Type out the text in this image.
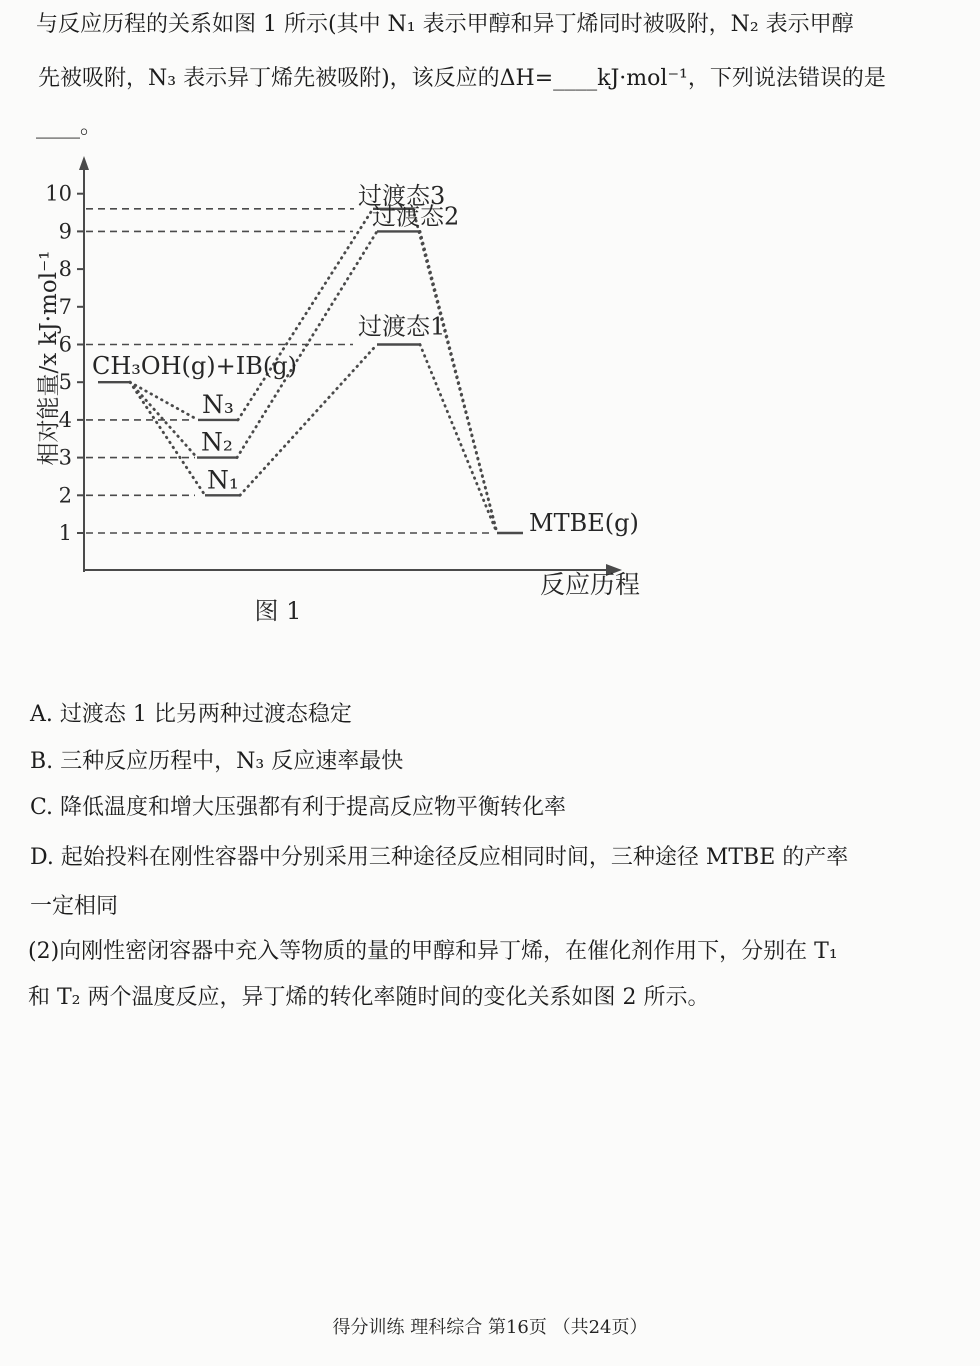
与反应历程的关系如图 1 所示(其中 N₁ 表示甲醇和异丁烯同时被吸附，N₂ 表示甲醇
先被吸附，N₃ 表示异丁烯先被吸附)，该反应的ΔH=____kJ·mol⁻¹，下列说法错误的是
____。
CH₃OH(g)+IB(g)
N₃
N₂
N₁
过渡态3
过渡态2
过渡态1
MTBE(g)
1
2
3
4
5
6
7
8
9
10
相对能量/x kJ·mol⁻¹
反应历程
图 1
A. 过渡态 1 比另两种过渡态稳定
B. 三种反应历程中，N₃ 反应速率最快
C. 降低温度和增大压强都有利于提高反应物平衡转化率
D. 起始投料在刚性容器中分别采用三种途径反应相同时间，三种途径 MTBE 的产率
一定相同
(2)向刚性密闭容器中充入等物质的量的甲醇和异丁烯，在催化剂作用下，分别在 T₁
和 T₂ 两个温度反应，异丁烯的转化率随时间的变化关系如图 2 所示。
得分训练 理科综合 第16页 （共24页）
